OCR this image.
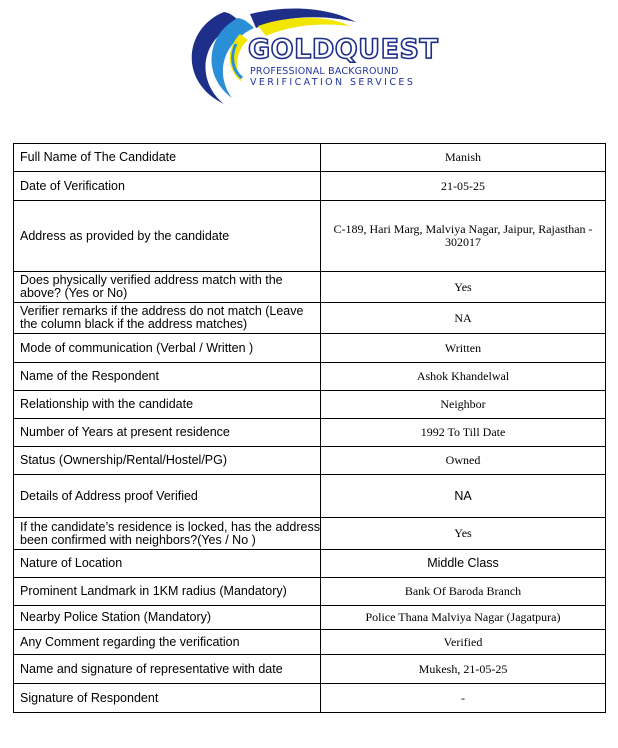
GOLDQUEST
PROFESSIONAL BACKGROUND
VERIFICATION SERVICES
Full Name of The Candidate	Manish
Date of Verification	21-05-25
Address as provided by the candidate	C-189, Hari Marg, Malviya Nagar, Jaipur, Rajasthan - 302017
Does physically verified address match with the above? (Yes or No)	Yes
Verifier remarks if the address do not match (Leave the column black if the address matches)	NA
Mode of communication (Verbal / Written )	Written
Name of the Respondent	Ashok Khandelwal
Relationship with the candidate	Neighbor
Number of Years at present residence	1992 To Till Date
Status (Ownership/Rental/Hostel/PG)	Owned
Details of Address proof Verified	NA
If the candidate’s residence is locked, has the address been confirmed with neighbors?(Yes / No )	Yes
Nature of Location	Middle Class
Prominent Landmark in 1KM radius (Mandatory)	Bank Of Baroda Branch
Nearby Police Station (Mandatory)	Police Thana Malviya Nagar (Jagatpura)
Any Comment regarding the verification	Verified
Name and signature of representative with date	Mukesh, 21-05-25
Signature of Respondent	-
